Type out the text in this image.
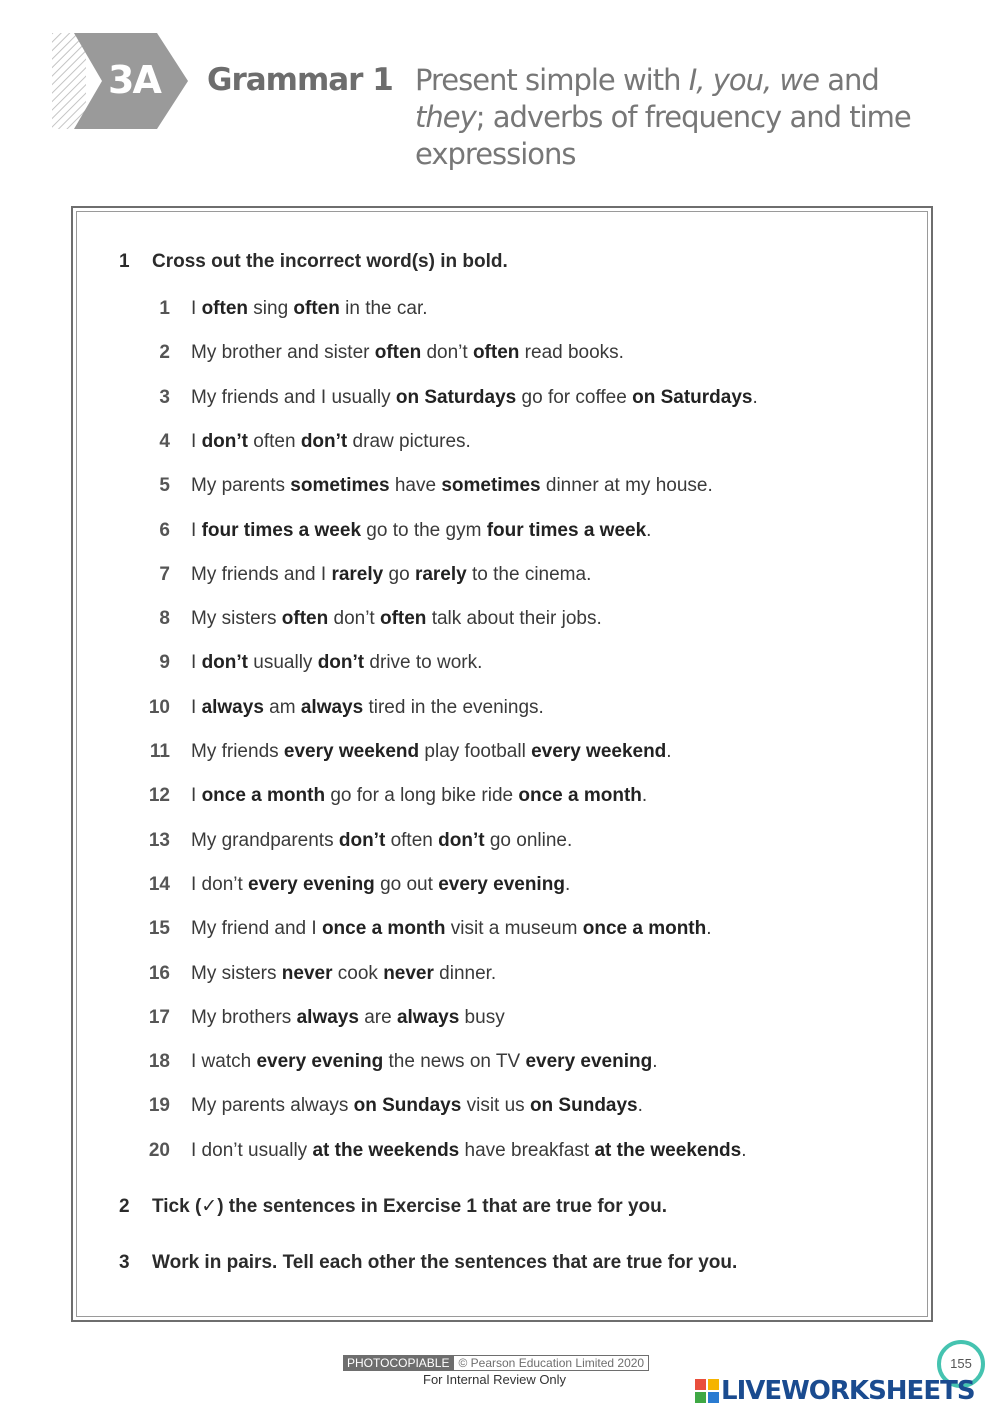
3A Grammar 1 Present simple with I, you, we and they; adverbs of frequency and time expressions
1 Cross out the incorrect word(s) in bold.
1 I often sing often in the car.
2 My brother and sister often don’t often read books.
3 My friends and I usually on Saturdays go for coffee on Saturdays.
4 I don’t often don’t draw pictures.
5 My parents sometimes have sometimes dinner at my house.
6 I four times a week go to the gym four times a week.
7 My friends and I rarely go rarely to the cinema.
8 My sisters often don’t often talk about their jobs.
9 I don’t usually don’t drive to work.
10 I always am always tired in the evenings.
11 My friends every weekend play football every weekend.
12 I once a month go for a long bike ride once a month.
13 My grandparents don’t often don’t go online.
14 I don’t every evening go out every evening.
15 My friend and I once a month visit a museum once a month.
16 My sisters never cook never dinner.
17 My brothers always are always busy
18 I watch every evening the news on TV every evening.
19 My parents always on Sundays visit us on Sundays.
20 I don’t usually at the weekends have breakfast at the weekends.
2 Tick (✓) the sentences in Exercise 1 that are true for you.
3 Work in pairs. Tell each other the sentences that are true for you.
PHOTOCOPIABLE © Pearson Education Limited 2020
For Internal Review Only
155
LIVEWORKSHEETS
